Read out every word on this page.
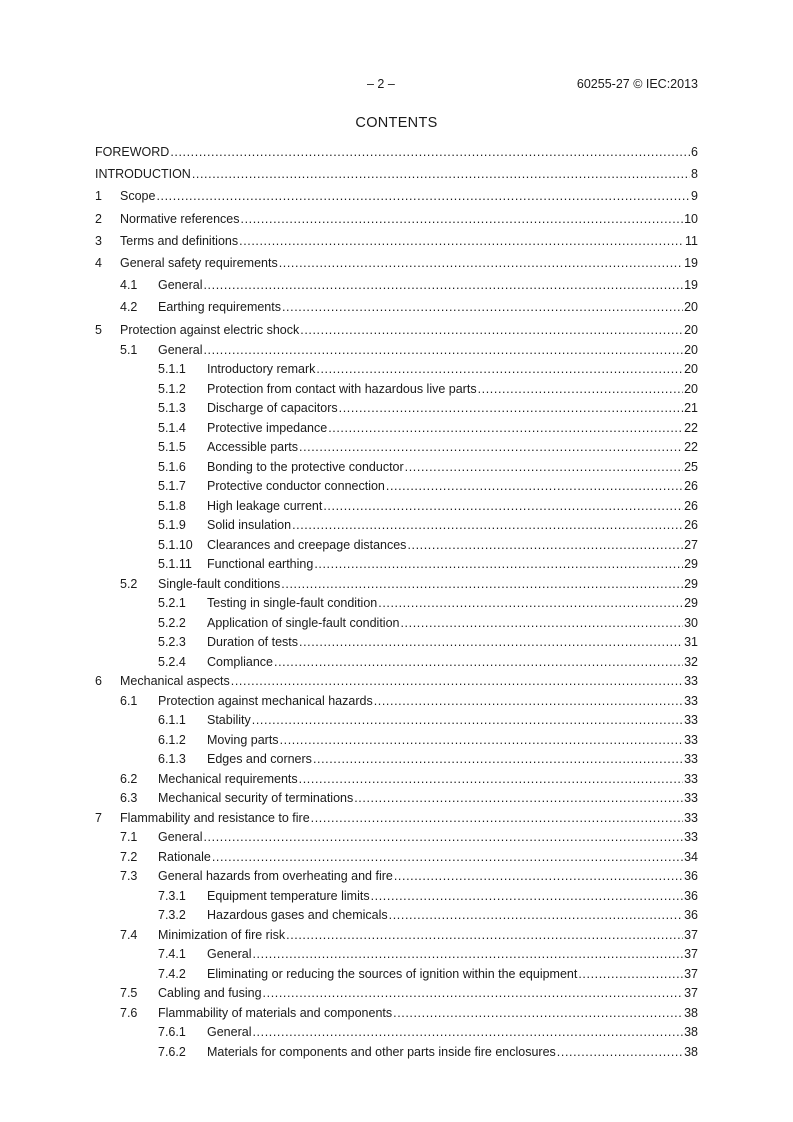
– 2 –	60255-27 © IEC:2013
CONTENTS
FOREWORD .....	6
INTRODUCTION .....	8
1	Scope .....	9
2	Normative references .....	10
3	Terms and definitions .....	11
4	General safety requirements .....	19
4.1	General .....	19
4.2	Earthing requirements .....	20
5	Protection against electric shock .....	20
5.1	General .....	20
5.1.1	Introductory remark .....	20
5.1.2	Protection from contact with hazardous live parts .....	20
5.1.3	Discharge of capacitors .....	21
5.1.4	Protective impedance .....	22
5.1.5	Accessible parts .....	22
5.1.6	Bonding to the protective conductor .....	25
5.1.7	Protective conductor connection .....	26
5.1.8	High leakage current .....	26
5.1.9	Solid insulation .....	26
5.1.10	Clearances and creepage distances .....	27
5.1.11	Functional earthing .....	29
5.2	Single-fault conditions .....	29
5.2.1	Testing in single-fault condition .....	29
5.2.2	Application of single-fault condition .....	30
5.2.3	Duration of tests .....	31
5.2.4	Compliance .....	32
6	Mechanical aspects .....	33
6.1	Protection against mechanical hazards .....	33
6.1.1	Stability .....	33
6.1.2	Moving parts .....	33
6.1.3	Edges and corners .....	33
6.2	Mechanical requirements .....	33
6.3	Mechanical security of terminations .....	33
7	Flammability and resistance to fire .....	33
7.1	General .....	33
7.2	Rationale .....	34
7.3	General hazards from overheating and fire .....	36
7.3.1	Equipment temperature limits .....	36
7.3.2	Hazardous gases and chemicals .....	36
7.4	Minimization of fire risk .....	37
7.4.1	General .....	37
7.4.2	Eliminating or reducing the sources of ignition within the equipment .....	37
7.5	Cabling and fusing .....	37
7.6	Flammability of materials and components .....	38
7.6.1	General .....	38
7.6.2	Materials for components and other parts inside fire enclosures .....	38
